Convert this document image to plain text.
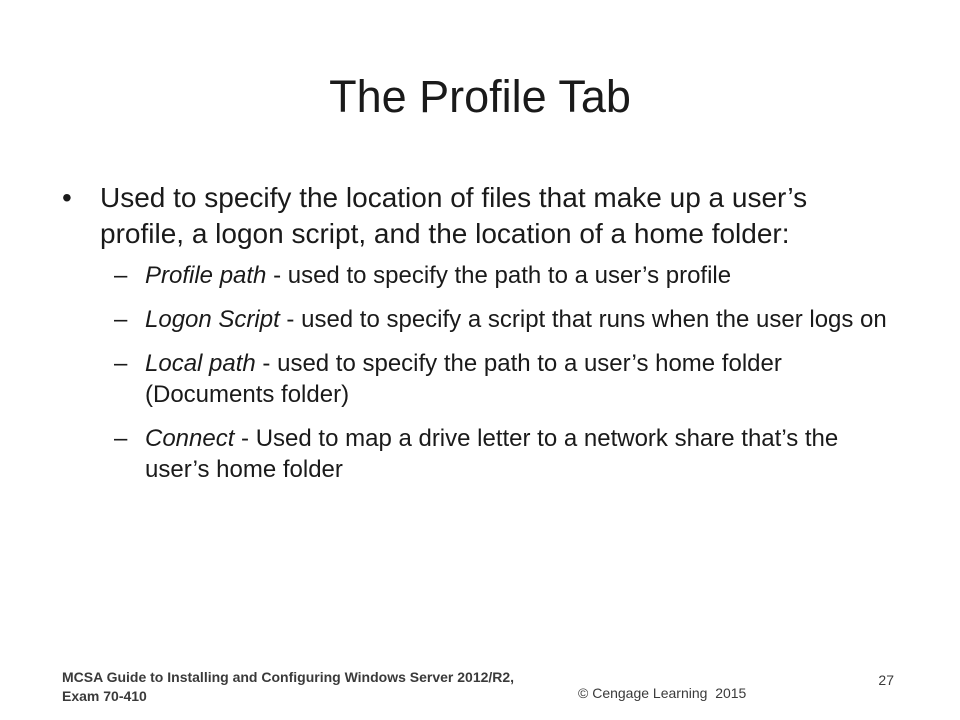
The Profile Tab
• Used to specify the location of files that make up a user’s profile, a logon script, and the location of a home folder:
– Profile path - used to specify the path to a user’s profile
– Logon Script - used to specify a script that runs when the user logs on
– Local path - used to specify the path to a user’s home folder (Documents folder)
– Connect - Used to map a drive letter to a network share that’s the user’s home folder
MCSA Guide to Installing and Configuring Windows Server 2012/R2, Exam 70-410	© Cengage Learning  2015
27
